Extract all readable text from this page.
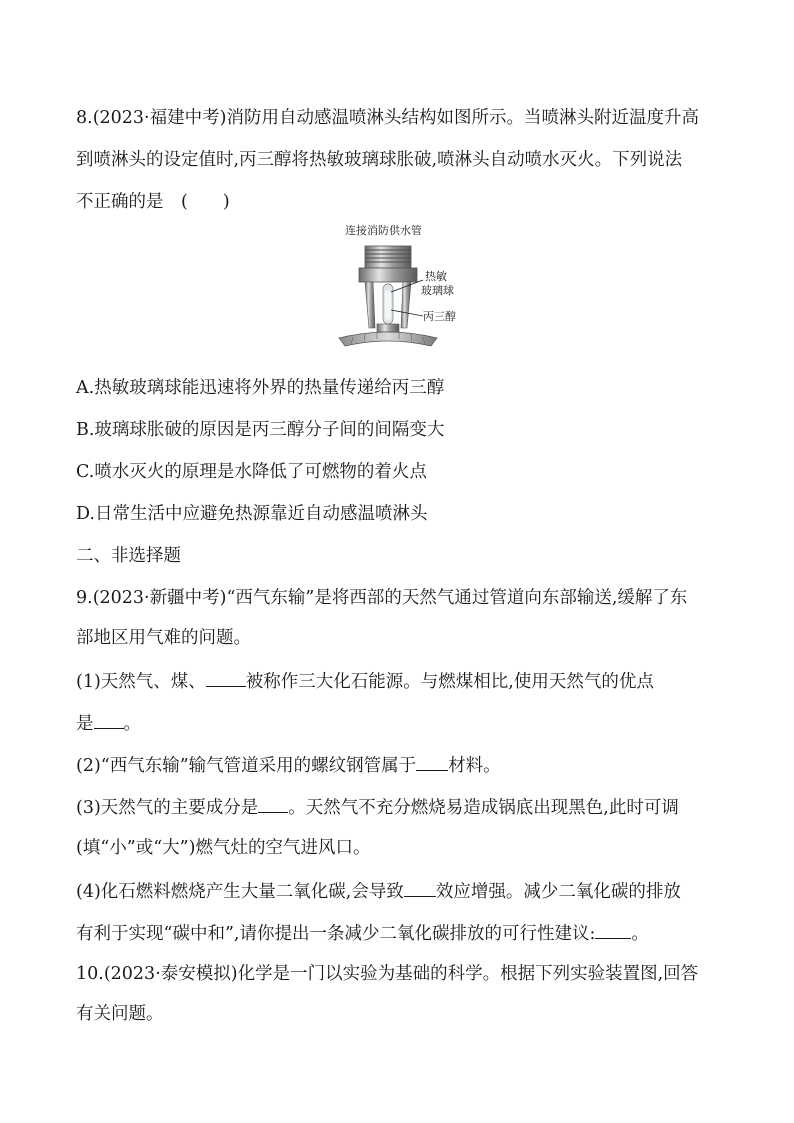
8.(2023·福建中考)消防用自动感温喷淋头结构如图所示。当喷淋头附近温度升高
到喷淋头的设定值时,丙三醇将热敏玻璃球胀破,喷淋头自动喷水灭火。下列说法
不正确的是　(　　)
连接消防供水管
热敏
玻璃球
丙三醇
A.热敏玻璃球能迅速将外界的热量传递给丙三醇
B.玻璃球胀破的原因是丙三醇分子间的间隔变大
C.喷水灭火的原理是水降低了可燃物的着火点
D.日常生活中应避免热源靠近自动感温喷淋头
二、非选择题
9.(2023·新疆中考)“西气东输”是将西部的天然气通过管道向东部输送,缓解了东
部地区用气难的问题。
(1)天然气、煤、 被称作三大化石能源。与燃煤相比,使用天然气的优点
是 。
(2)“西气东输”输气管道采用的螺纹钢管属于 材料。
(3)天然气的主要成分是 。天然气不充分燃烧易造成锅底出现黑色,此时可调
(填“小”或“大”)燃气灶的空气进风口。
(4)化石燃料燃烧产生大量二氧化碳,会导致 效应增强。减少二氧化碳的排放
有利于实现“碳中和”,请你提出一条减少二氧化碳排放的可行性建议: 。
10.(2023·泰安模拟)化学是一门以实验为基础的科学。根据下列实验装置图,回答
有关问题。
